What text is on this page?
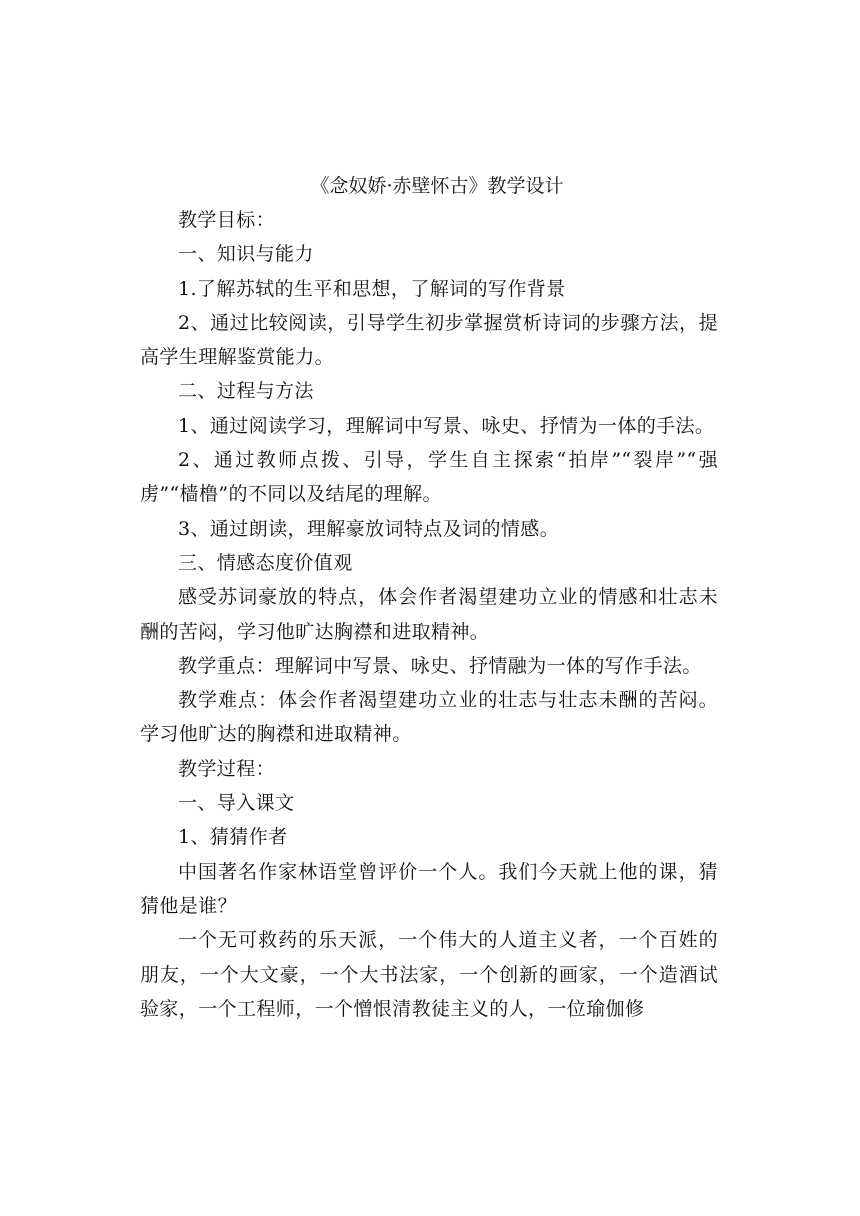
《念奴娇·赤壁怀古》教学设计

教学目标：

一、知识与能力

1.了解苏轼的生平和思想，了解词的写作背景

2、通过比较阅读，引导学生初步掌握赏析诗词的步骤方法，提高学生理解鉴赏能力。

二、过程与方法

1、通过阅读学习，理解词中写景、咏史、抒情为一体的手法。

2、通过教师点拨、引导，学生自主探索“拍岸”“裂岸”“强虏”“樯橹”的不同以及结尾的理解。

3、通过朗读，理解豪放词特点及词的情感。

三、情感态度价值观

感受苏词豪放的特点，体会作者渴望建功立业的情感和壮志未酬的苦闷，学习他旷达胸襟和进取精神。

教学重点：理解词中写景、咏史、抒情融为一体的写作手法。

教学难点：体会作者渴望建功立业的壮志与壮志未酬的苦闷。学习他旷达的胸襟和进取精神。

教学过程：

一、导入课文

1、猜猜作者

中国著名作家林语堂曾评价一个人。我们今天就上他的课，猜猜他是谁？

一个无可救药的乐天派，一个伟大的人道主义者，一个百姓的朋友，一个大文豪，一个大书法家，一个创新的画家，一个造酒试验家，一个工程师，一个憎恨清教徒主义的人，一位瑜伽修
